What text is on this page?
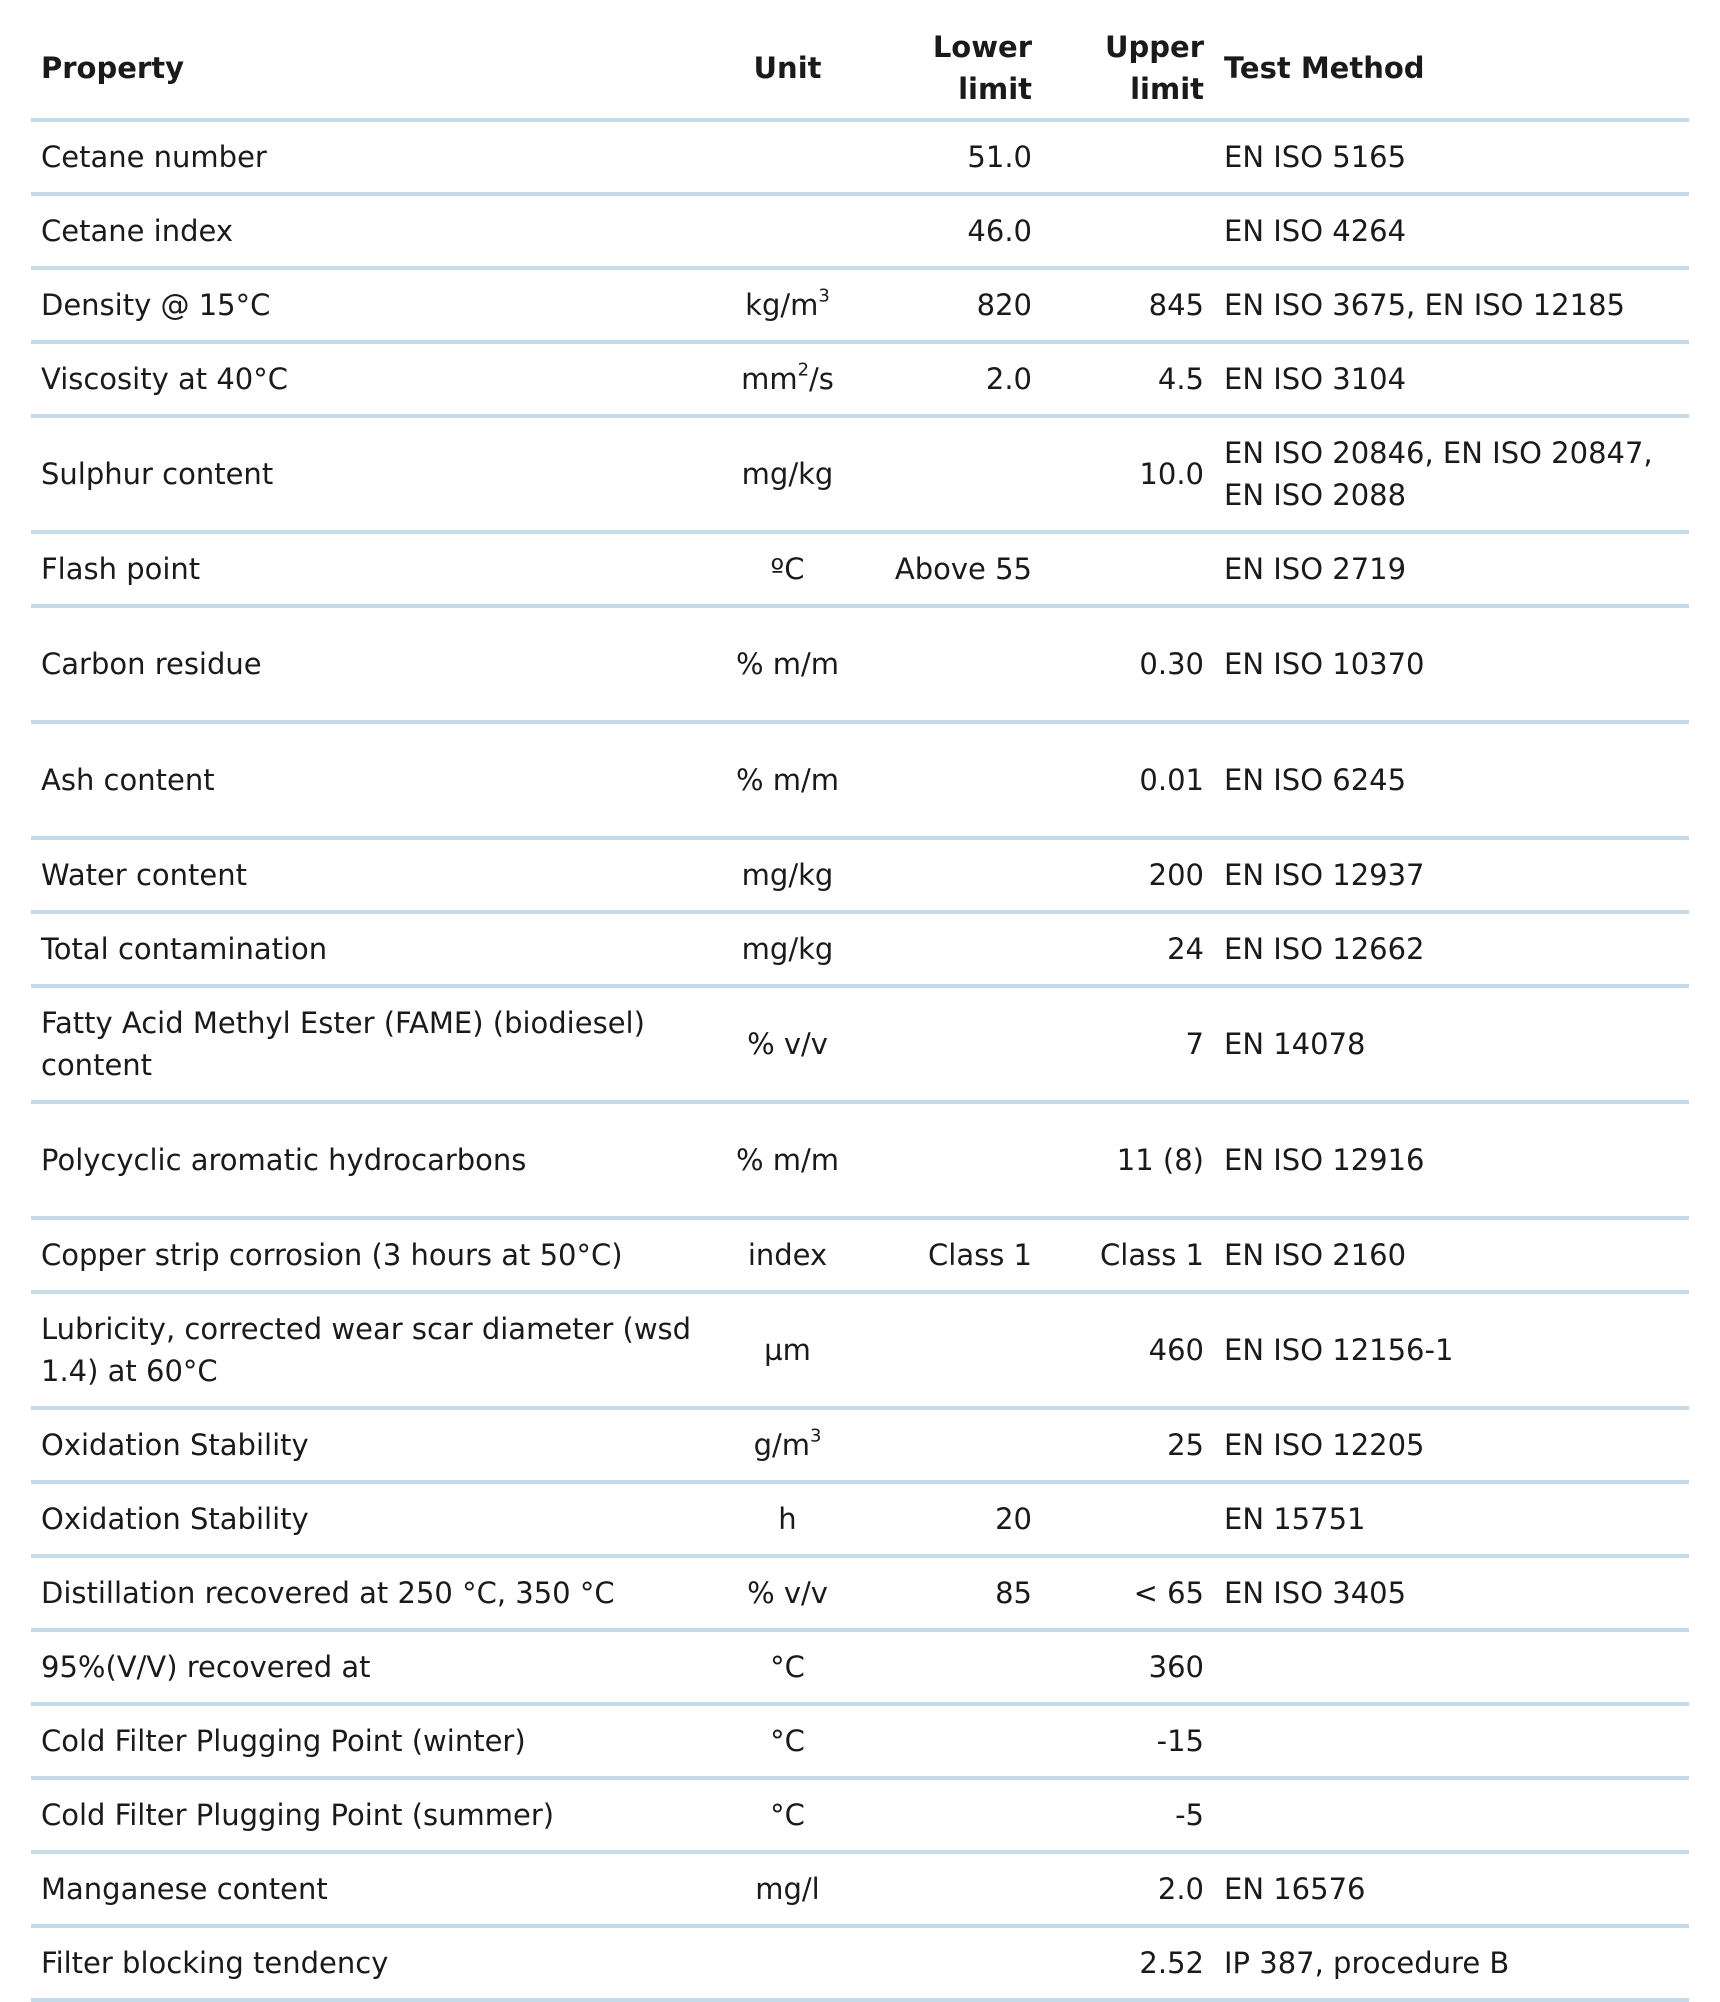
Property	Unit	Lower limit	Upper limit	Test Method
Cetane number		51.0		EN ISO 5165
Cetane index		46.0		EN ISO 4264
Density @ 15°C	$kg/m^3$	820	845	EN ISO 3675, EN ISO 12185
Viscosity at 40°C	$mm^2/s$	2.0	4.5	EN ISO 3104
Sulphur content	mg/kg		10.0	EN ISO 20846, EN ISO 20847, EN ISO 2088
Flash point	ºC	Above 55		EN ISO 2719
Carbon residue	% m/m		0.30	EN ISO 10370
Ash content	% m/m		0.01	EN ISO 6245
Water content	mg/kg		200	EN ISO 12937
Total contamination	mg/kg		24	EN ISO 12662
Fatty Acid Methyl Ester (FAME) (biodiesel) content	% v/v		7	EN 14078
Polycyclic aromatic hydrocarbons	% m/m		11 (8)	EN ISO 12916
Copper strip corrosion (3 hours at 50°C)	index	Class 1	Class 1	EN ISO 2160
Lubricity, corrected wear scar diameter (wsd 1.4) at 60°C	µm		460	EN ISO 12156-1
Oxidation Stability	$g/m^3$		25	EN ISO 12205
Oxidation Stability	h	20		EN 15751
Distillation recovered at 250 °C, 350 °C	% v/v	85	< 65	EN ISO 3405
95%(V/V) recovered at	°C		360	
Cold Filter Plugging Point (winter)	°C		-15	
Cold Filter Plugging Point (summer)	°C		-5	
Manganese content	mg/l		2.0	EN 16576
Filter blocking tendency			2.52	IP 387, procedure B
